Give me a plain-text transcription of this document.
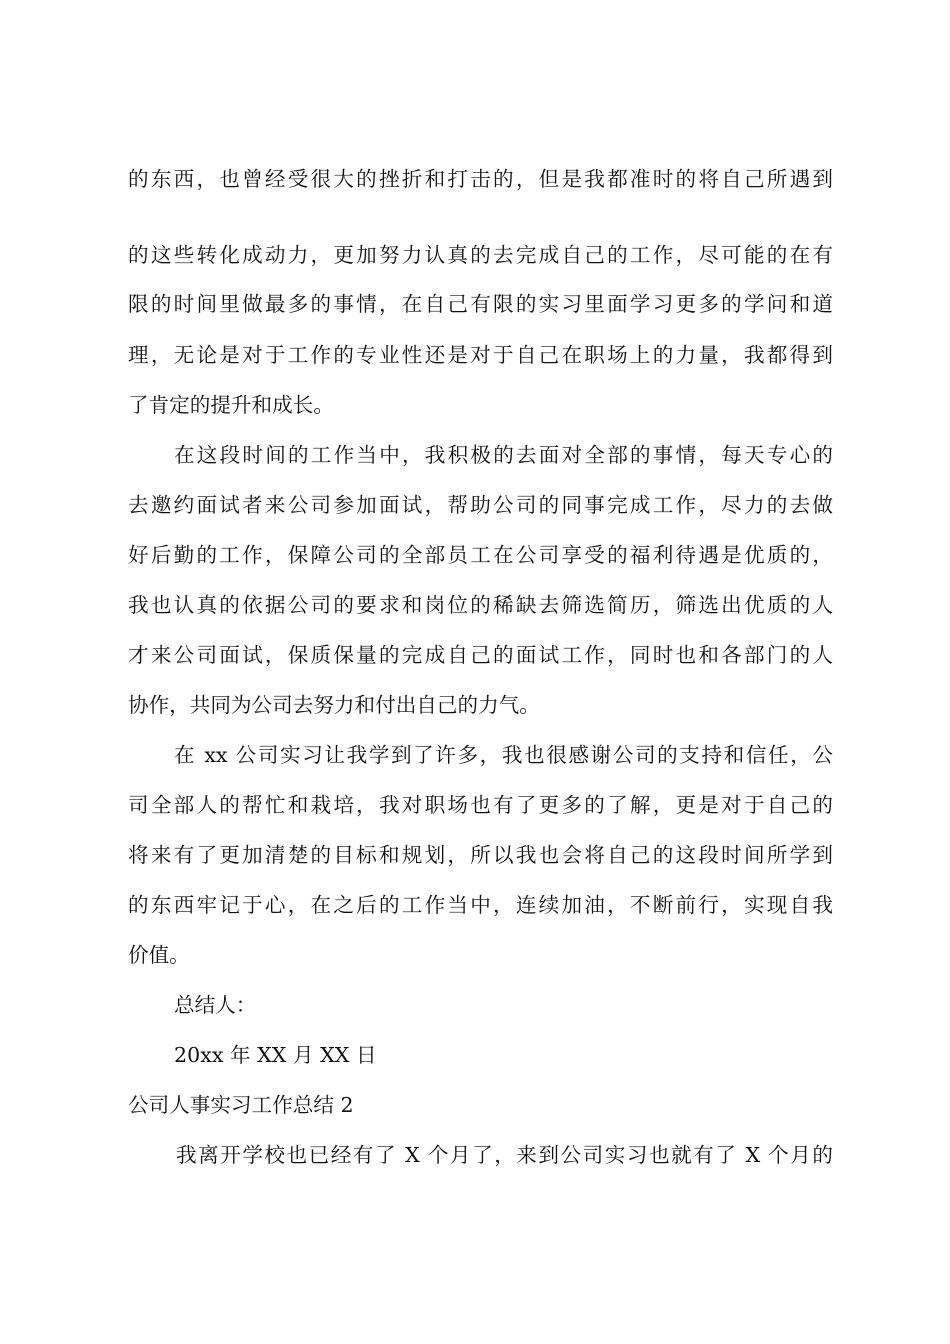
的东西，也曾经受很大的挫折和打击的，但是我都准时的将自己所遇到
的这些转化成动力，更加努力认真的去完成自己的工作，尽可能的在有
限的时间里做最多的事情，在自己有限的实习里面学习更多的学问和道
理，无论是对于工作的专业性还是对于自己在职场上的力量，我都得到
了肯定的提升和成长。
在这段时间的工作当中，我积极的去面对全部的事情，每天专心的
去邀约面试者来公司参加面试，帮助公司的同事完成工作，尽力的去做
好后勤的工作，保障公司的全部员工在公司享受的福利待遇是优质的，
我也认真的依据公司的要求和岗位的稀缺去筛选简历，筛选出优质的人
才来公司面试，保质保量的完成自己的面试工作，同时也和各部门的人
协作，共同为公司去努力和付出自己的力气。
在 xx 公司实习让我学到了许多，我也很感谢公司的支持和信任，公
司全部人的帮忙和栽培，我对职场也有了更多的了解，更是对于自己的
将来有了更加清楚的目标和规划，所以我也会将自己的这段时间所学到
的东西牢记于心，在之后的工作当中，连续加油，不断前行，实现自我
价值。
总结人：
20xx 年 XX 月 XX 日
公司人事实习工作总结 2
我离开学校也已经有了 X 个月了，来到公司实习也就有了 X 个月的
